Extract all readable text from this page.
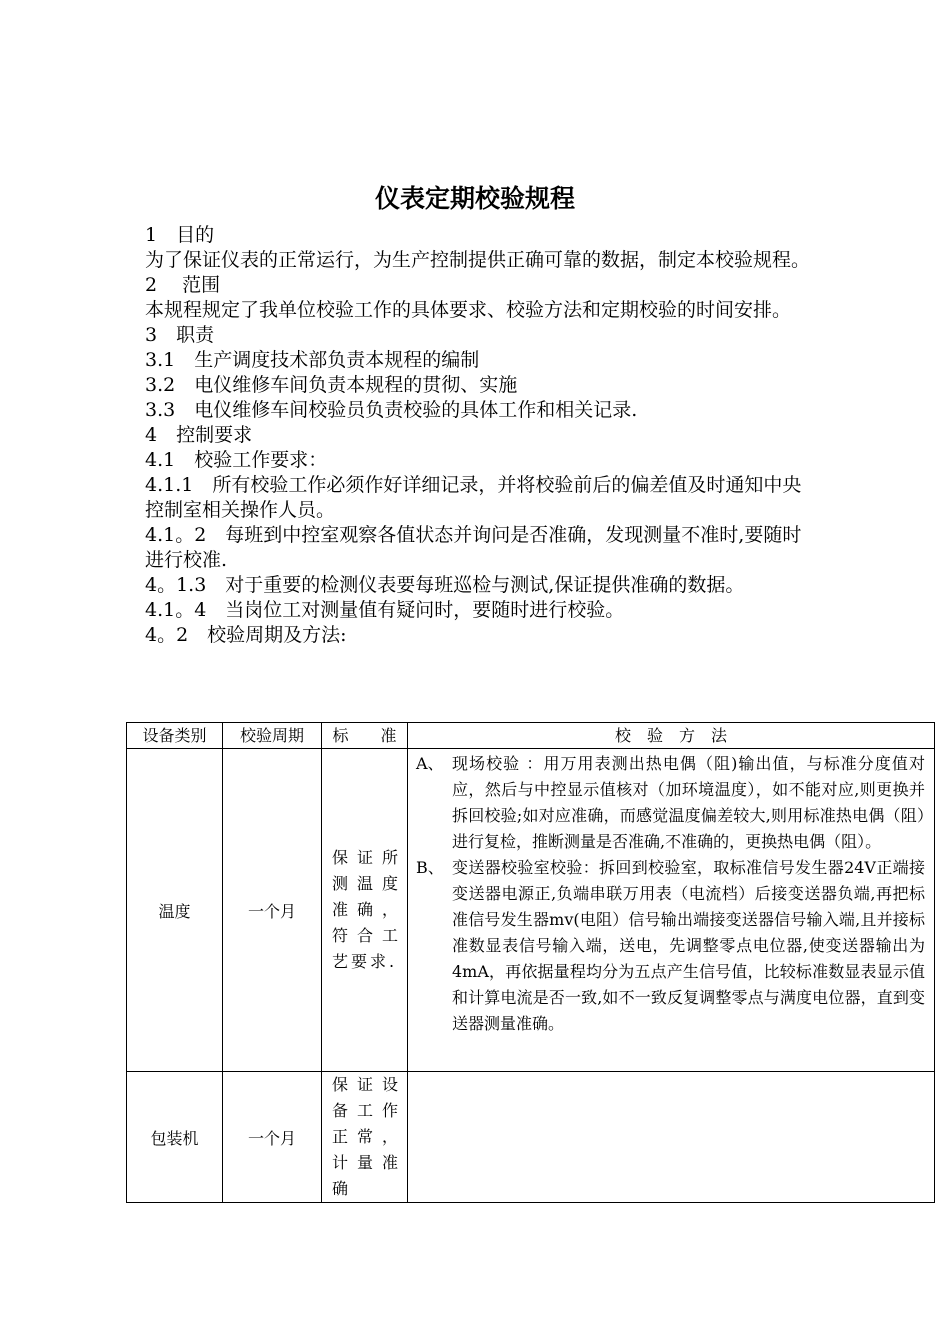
仪表定期校验规程

1　目的

为了保证仪表的正常运行，为生产控制提供正确可靠的数据，制定本校验规程。

2　 范围

本规程规定了我单位校验工作的具体要求、校验方法和定期校验的时间安排。

3　职责

3.1　生产调度技术部负责本规程的编制

3.2　电仪维修车间负责本规程的贯彻、实施

3.3　电仪维修车间校验员负责校验的具体工作和相关记录.

4　控制要求

4.1　校验工作要求：

4.1.1　所有校验工作必须作好详细记录，并将校验前后的偏差值及时通知中央控制室相关操作人员。

4.1。2　每班到中控室观察各值状态并询问是否准确，发现测量不准时,要随时进行校准.

4。1.3　对于重要的检测仪表要每班巡检与测试,保证提供准确的数据。

4.1。4　当岗位工对测量值有疑问时，要随时进行校验。

4。2　校验周期及方法:

设备类别	校验周期	标　　准	校　验　方　法
温度	一个月	保证所测温度准确，符合工艺要求.	A、 现场校验 ：用万用表测出热电偶（阻)输出值，与标准分度值对应，然后与中控显示值核对（加环境温度），如不能对应,则更换并拆回校验;如对应准确，而感觉温度偏差较大,则用标准热电偶（阻）进行复检，推断测量是否准确,不准确的，更换热电偶（阻）。
B、 变送器校验室校验：拆回到校验室，取标准信号发生器24V正端接变送器电源正,负端串联万用表（电流档）后接变送器负端,再把标准信号发生器mv(电阻）信号输出端接变送器信号输入端,且并接标准数显表信号输入端，送电，先调整零点电位器,使变送器输出为4mA，再依据量程均分为五点产生信号值，比较标准数显表显示值和计算电流是否一致,如不一致反复调整零点与满度电位器，直到变送器测量准确。

包装机	一个月	保证设备工作正常，计量准确	
